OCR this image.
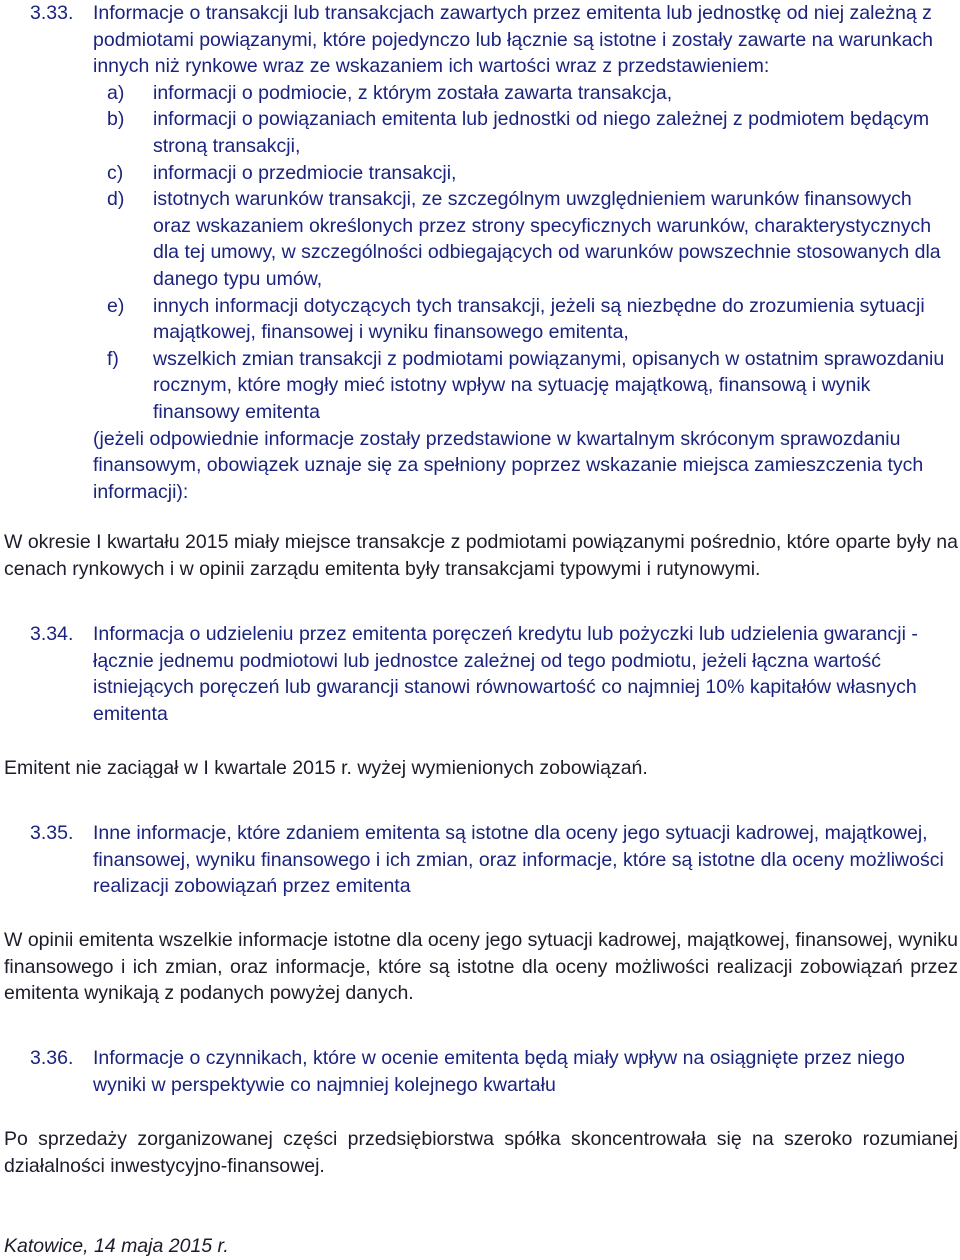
3.33. Informacje o transakcji lub transakcjach zawartych przez emitenta lub jednostkę od niej zależną z podmiotami powiązanymi, które pojedynczo lub łącznie są istotne i zostały zawarte na warunkach innych niż rynkowe wraz ze wskazaniem ich wartości wraz z przedstawieniem:
a) informacji o podmiocie, z którym została zawarta transakcja,
b) informacji o powiązaniach emitenta lub jednostki od niego zależnej z podmiotem będącym stroną transakcji,
c) informacji o przedmiocie transakcji,
d) istotnych warunków transakcji, ze szczególnym uwzględnieniem warunków finansowych oraz wskazaniem określonych przez strony specyficznych warunków, charakterystycznych dla tej umowy, w szczególności odbiegających od warunków powszechnie stosowanych dla danego typu umów,
e) innych informacji dotyczących tych transakcji, jeżeli są niezbędne do zrozumienia sytuacji majątkowej, finansowej i wyniku finansowego emitenta,
f) wszelkich zmian transakcji z podmiotami powiązanymi, opisanych w ostatnim sprawozdaniu rocznym, które mogły mieć istotny wpływ na sytuację majątkową, finansową i wynik finansowy emitenta
(jeżeli odpowiednie informacje zostały przedstawione w kwartalnym skróconym sprawozdaniu finansowym, obowiązek uznaje się za spełniony poprzez wskazanie miejsca zamieszczenia tych informacji):

W okresie I kwartału 2015 miały miejsce transakcje z podmiotami powiązanymi pośrednio, które oparte były na cenach rynkowych i w opinii zarządu emitenta były transakcjami typowymi i rutynowymi.

3.34. Informacja o udzieleniu przez emitenta poręczeń kredytu lub pożyczki lub udzielenia gwarancji - łącznie jednemu podmiotowi lub jednostce zależnej od tego podmiotu, jeżeli łączna wartość istniejących poręczeń lub gwarancji stanowi równowartość co najmniej 10% kapitałów własnych emitenta

Emitent nie zaciągał w I kwartale 2015 r. wyżej wymienionych zobowiązań.

3.35. Inne informacje, które zdaniem emitenta są istotne dla oceny jego sytuacji kadrowej, majątkowej, finansowej, wyniku finansowego i ich zmian, oraz informacje, które są istotne dla oceny możliwości realizacji zobowiązań przez emitenta

W opinii emitenta wszelkie informacje istotne dla oceny jego sytuacji kadrowej, majątkowej, finansowej, wyniku finansowego i ich zmian, oraz informacje, które są istotne dla oceny możliwości realizacji zobowiązań przez emitenta wynikają z podanych powyżej danych.

3.36. Informacje o czynnikach, które w ocenie emitenta będą miały wpływ na osiągnięte przez niego wyniki w perspektywie co najmniej kolejnego kwartału

Po sprzedaży zorganizowanej części przedsiębiorstwa spółka skoncentrowała się na szeroko rozumianej działalności inwestycyjno-finansowej.

Katowice, 14 maja 2015 r.
